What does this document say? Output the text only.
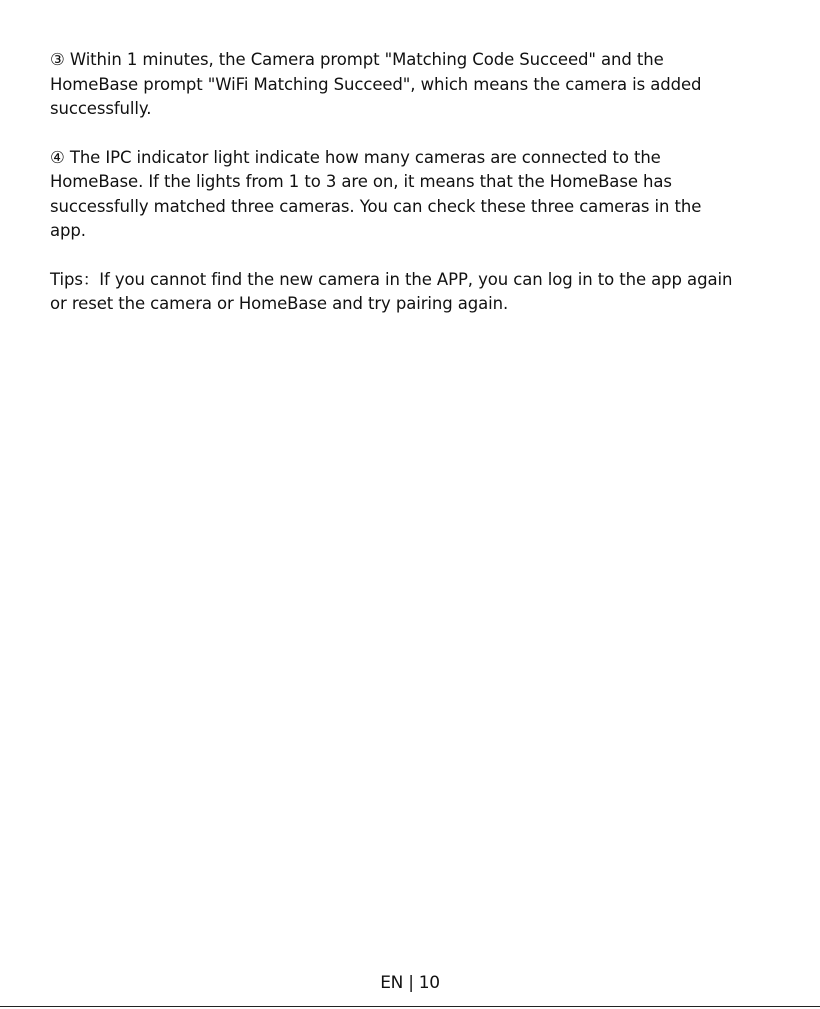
③ Within 1 minutes, the Camera prompt "Matching Code Succeed" and the
HomeBase prompt "WiFi Matching Succeed", which means the camera is added
successfully.

④ The IPC indicator light indicate how many cameras are connected to the
HomeBase. If the lights from 1 to 3 are on, it means that the HomeBase has
successfully matched three cameras. You can check these three cameras in the
app.

Tips：If you cannot find the new camera in the APP, you can log in to the app again
or reset the camera or HomeBase and try pairing again.

EN | 10
